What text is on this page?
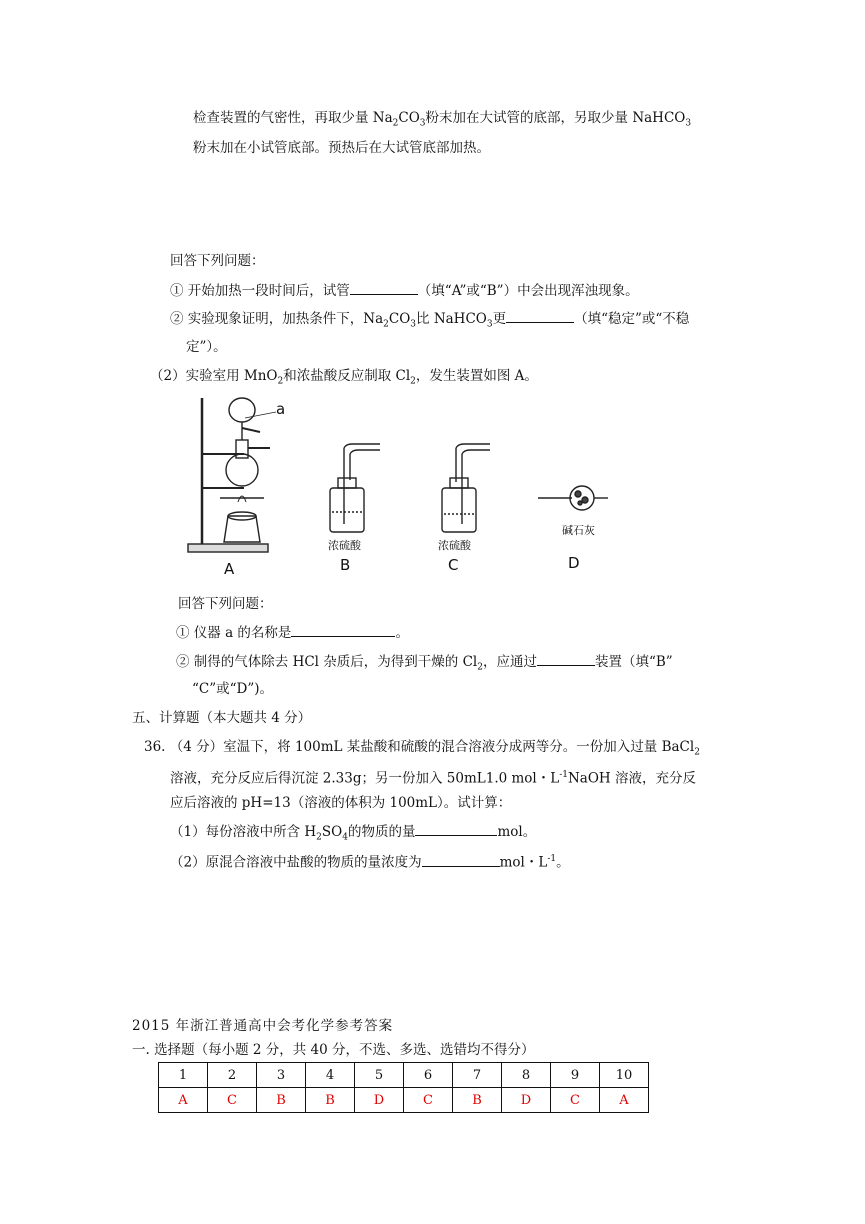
检查装置的气密性，再取少量 $Na_2CO_3$粉末加在大试管的底部，另取少量 NaHCO$_3$
粉末加在小试管底部。预热后在大试管底部加热。
回答下列问题：
① 开始加热一段时间后，试管	（填“A”或“B”）中会出现浑浊现象。
② 实验现象证明，加热条件下，$Na_2CO_3$比 NaHCO$_3$更	（填“稳定”或“不稳
定”）。
（2）实验室用 MnO$_2$和浓盐酸反应制取 $Cl_2$，发生装置如图 A。
a
A	B	C	D
浓硫酸	浓硫酸
碱石灰
回答下列问题：
① 仪器 a 的名称是	。
② 制得的气体除去 HCl 杂质后，为得到干燥的 $Cl_2$，应通过	装置（填“B”
“C”或“D”)。
五、计算题（本大题共 4 分）
36. （4 分）室温下，将 100mL 某盐酸和硫酸的混合溶液分成两等分。一份加入过量 BaCl$_2$
溶液，充分反应后得沉淀 2.33g；另一份加入 50mL1.0 mol・$L^{-1}NaOH$ 溶液，充分反
应后溶液的 pH=13（溶液的体积为 100mL）。试计算：
（1）每份溶液中所含 $H_2SO_4$的物质的量	mol。
（2）原混合溶液中盐酸的物质的量浓度为	mol・$L^{-1}$。
2015 年浙江普通高中会考化学参考答案
一. 选择题（每小题 2 分，共 40 分，不选、多选、选错均不得分）
1	2	3	4	5	6	7	8	9	10
A	C	B	B	D	C	B	D	C	A
